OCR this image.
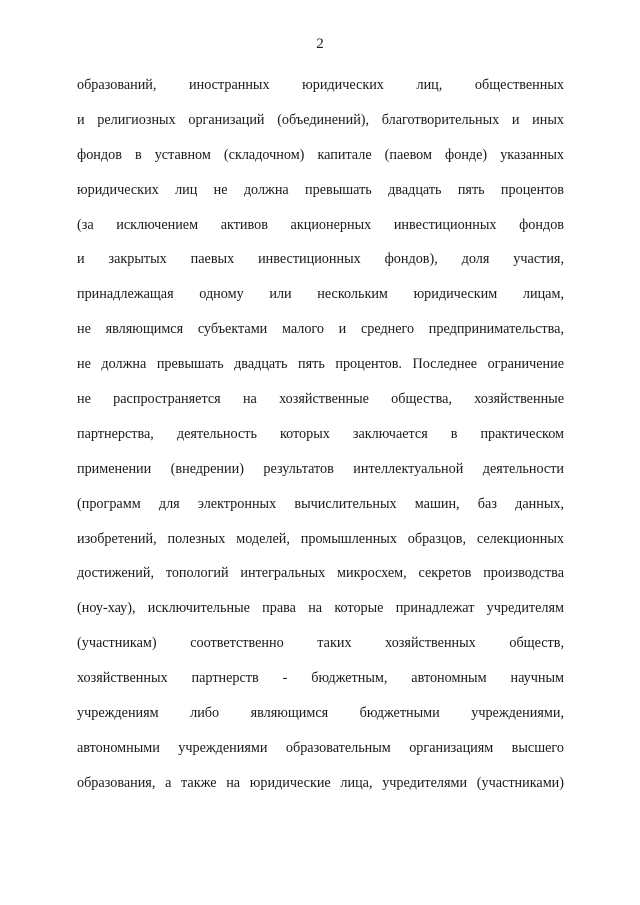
2
образований, иностранных юридических лиц, общественных
и религиозных организаций (объединений), благотворительных и иных
фондов в уставном (складочном) капитале (паевом фонде) указанных
юридических лиц не должна превышать двадцать пять процентов
(за исключением активов акционерных инвестиционных фондов
и закрытых паевых инвестиционных фондов), доля участия,
принадлежащая одному или нескольким юридическим лицам,
не являющимся субъектами малого и среднего предпринимательства,
не должна превышать двадцать пять процентов. Последнее ограничение
не распространяется на хозяйственные общества, хозяйственные
партнерства, деятельность которых заключается в практическом
применении (внедрении) результатов интеллектуальной деятельности
(программ для электронных вычислительных машин, баз данных,
изобретений, полезных моделей, промышленных образцов, селекционных
достижений, топологий интегральных микросхем, секретов производства
(ноу-хау), исключительные права на которые принадлежат учредителям
(участникам) соответственно таких хозяйственных обществ,
хозяйственных партнерств - бюджетным, автономным научным
учреждениям либо являющимся бюджетными учреждениями,
автономными учреждениями образовательным организациям высшего
образования, а также на юридические лица, учредителями (участниками)
